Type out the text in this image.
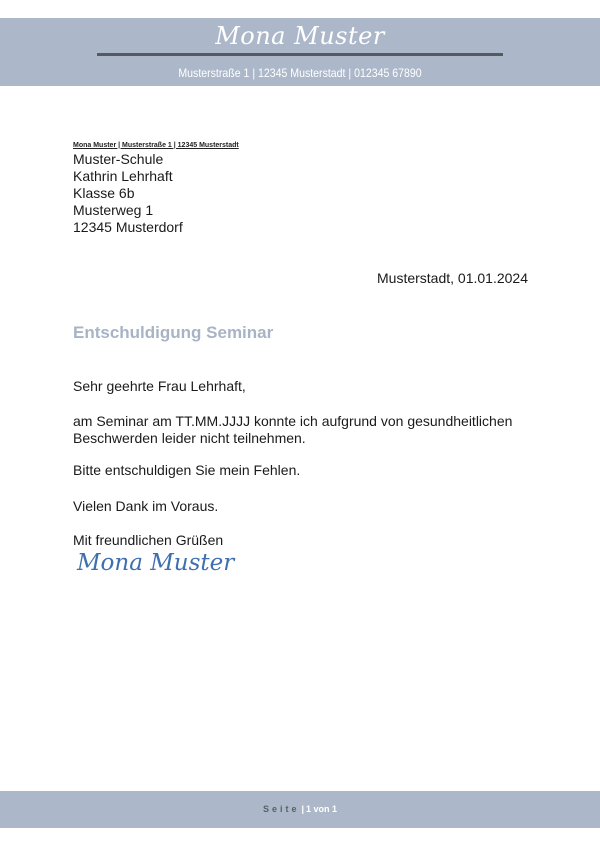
Mona Muster
Musterstraße 1 | 12345 Musterstadt | 012345 67890
Mona Muster | Musterstraße 1 | 12345 Musterstadt
Muster-Schule
Kathrin Lehrhaft
Klasse 6b
Musterweg 1
12345 Musterdorf
Musterstadt, 01.01.2024
Entschuldigung Seminar
Sehr geehrte Frau Lehrhaft,
am Seminar am TT.MM.JJJJ konnte ich aufgrund von gesundheitlichen
Beschwerden leider nicht teilnehmen.
Bitte entschuldigen Sie mein Fehlen.
Vielen Dank im Voraus.
Mit freundlichen Grüßen
Mona Muster
Seite | 1 von 1
